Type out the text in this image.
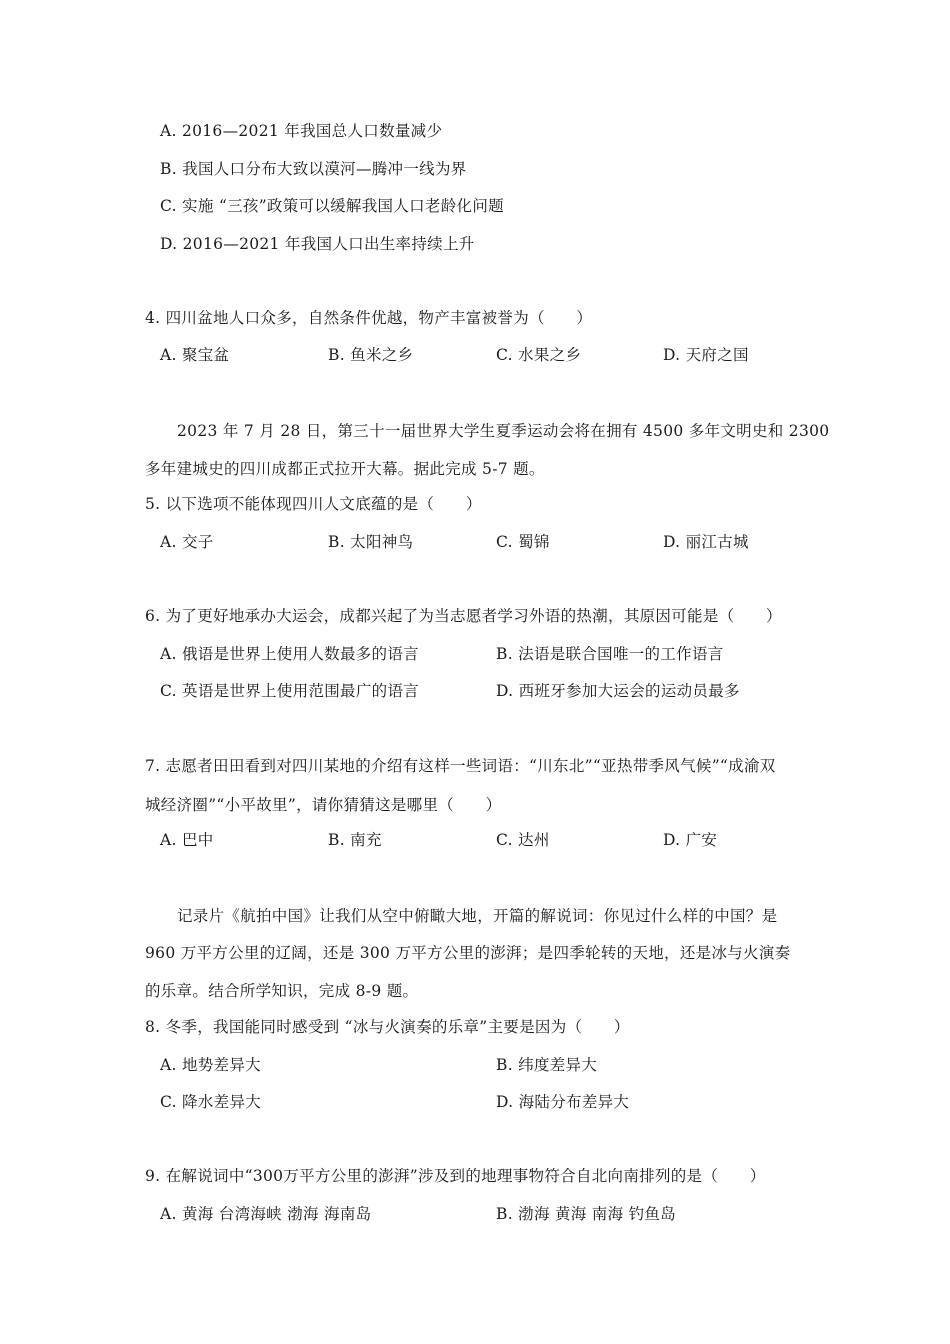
A. 2016—2021 年我国总人口数量减少
B. 我国人口分布大致以漠河—腾冲一线为界
C. 实施 “三孩”政策可以缓解我国人口老龄化问题
D. 2016—2021 年我国人口出生率持续上升
4. 四川盆地人口众多，自然条件优越，物产丰富被誉为（　　）
A. 聚宝盆	B. 鱼米之乡	C. 水果之乡	D. 天府之国
2023 年 7 月 28 日，第三十一届世界大学生夏季运动会将在拥有 4500 多年文明史和 2300
多年建城史的四川成都正式拉开大幕。据此完成 5-7 题。
5. 以下选项不能体现四川人文底蕴的是（　　）
A. 交子	B. 太阳神鸟	C. 蜀锦	D. 丽江古城
6. 为了更好地承办大运会，成都兴起了为当志愿者学习外语的热潮，其原因可能是（　　）
A. 俄语是世界上使用人数最多的语言	B. 法语是联合国唯一的工作语言
C. 英语是世界上使用范围最广的语言	D. 西班牙参加大运会的运动员最多
7. 志愿者田田看到对四川某地的介绍有这样一些词语：“川东北”“亚热带季风气候”“成渝双
城经济圈”“小平故里”，请你猜猜这是哪里（　　）
A. 巴中	B. 南充	C. 达州	D. 广安
记录片《航拍中国》让我们从空中俯瞰大地，开篇的解说词：你见过什么样的中国？是
960 万平方公里的辽阔，还是 300 万平方公里的澎湃；是四季轮转的天地，还是冰与火演奏
的乐章。结合所学知识，完成 8-9 题。
8. 冬季，我国能同时感受到 “冰与火演奏的乐章”主要是因为（　　）
A. 地势差异大	B. 纬度差异大
C. 降水差异大	D. 海陆分布差异大
9. 在解说词中“300万平方公里的澎湃”涉及到的地理事物符合自北向南排列的是（　　）
A. 黄海 台湾海峡 渤海 海南岛	B. 渤海 黄海 南海 钓鱼岛
